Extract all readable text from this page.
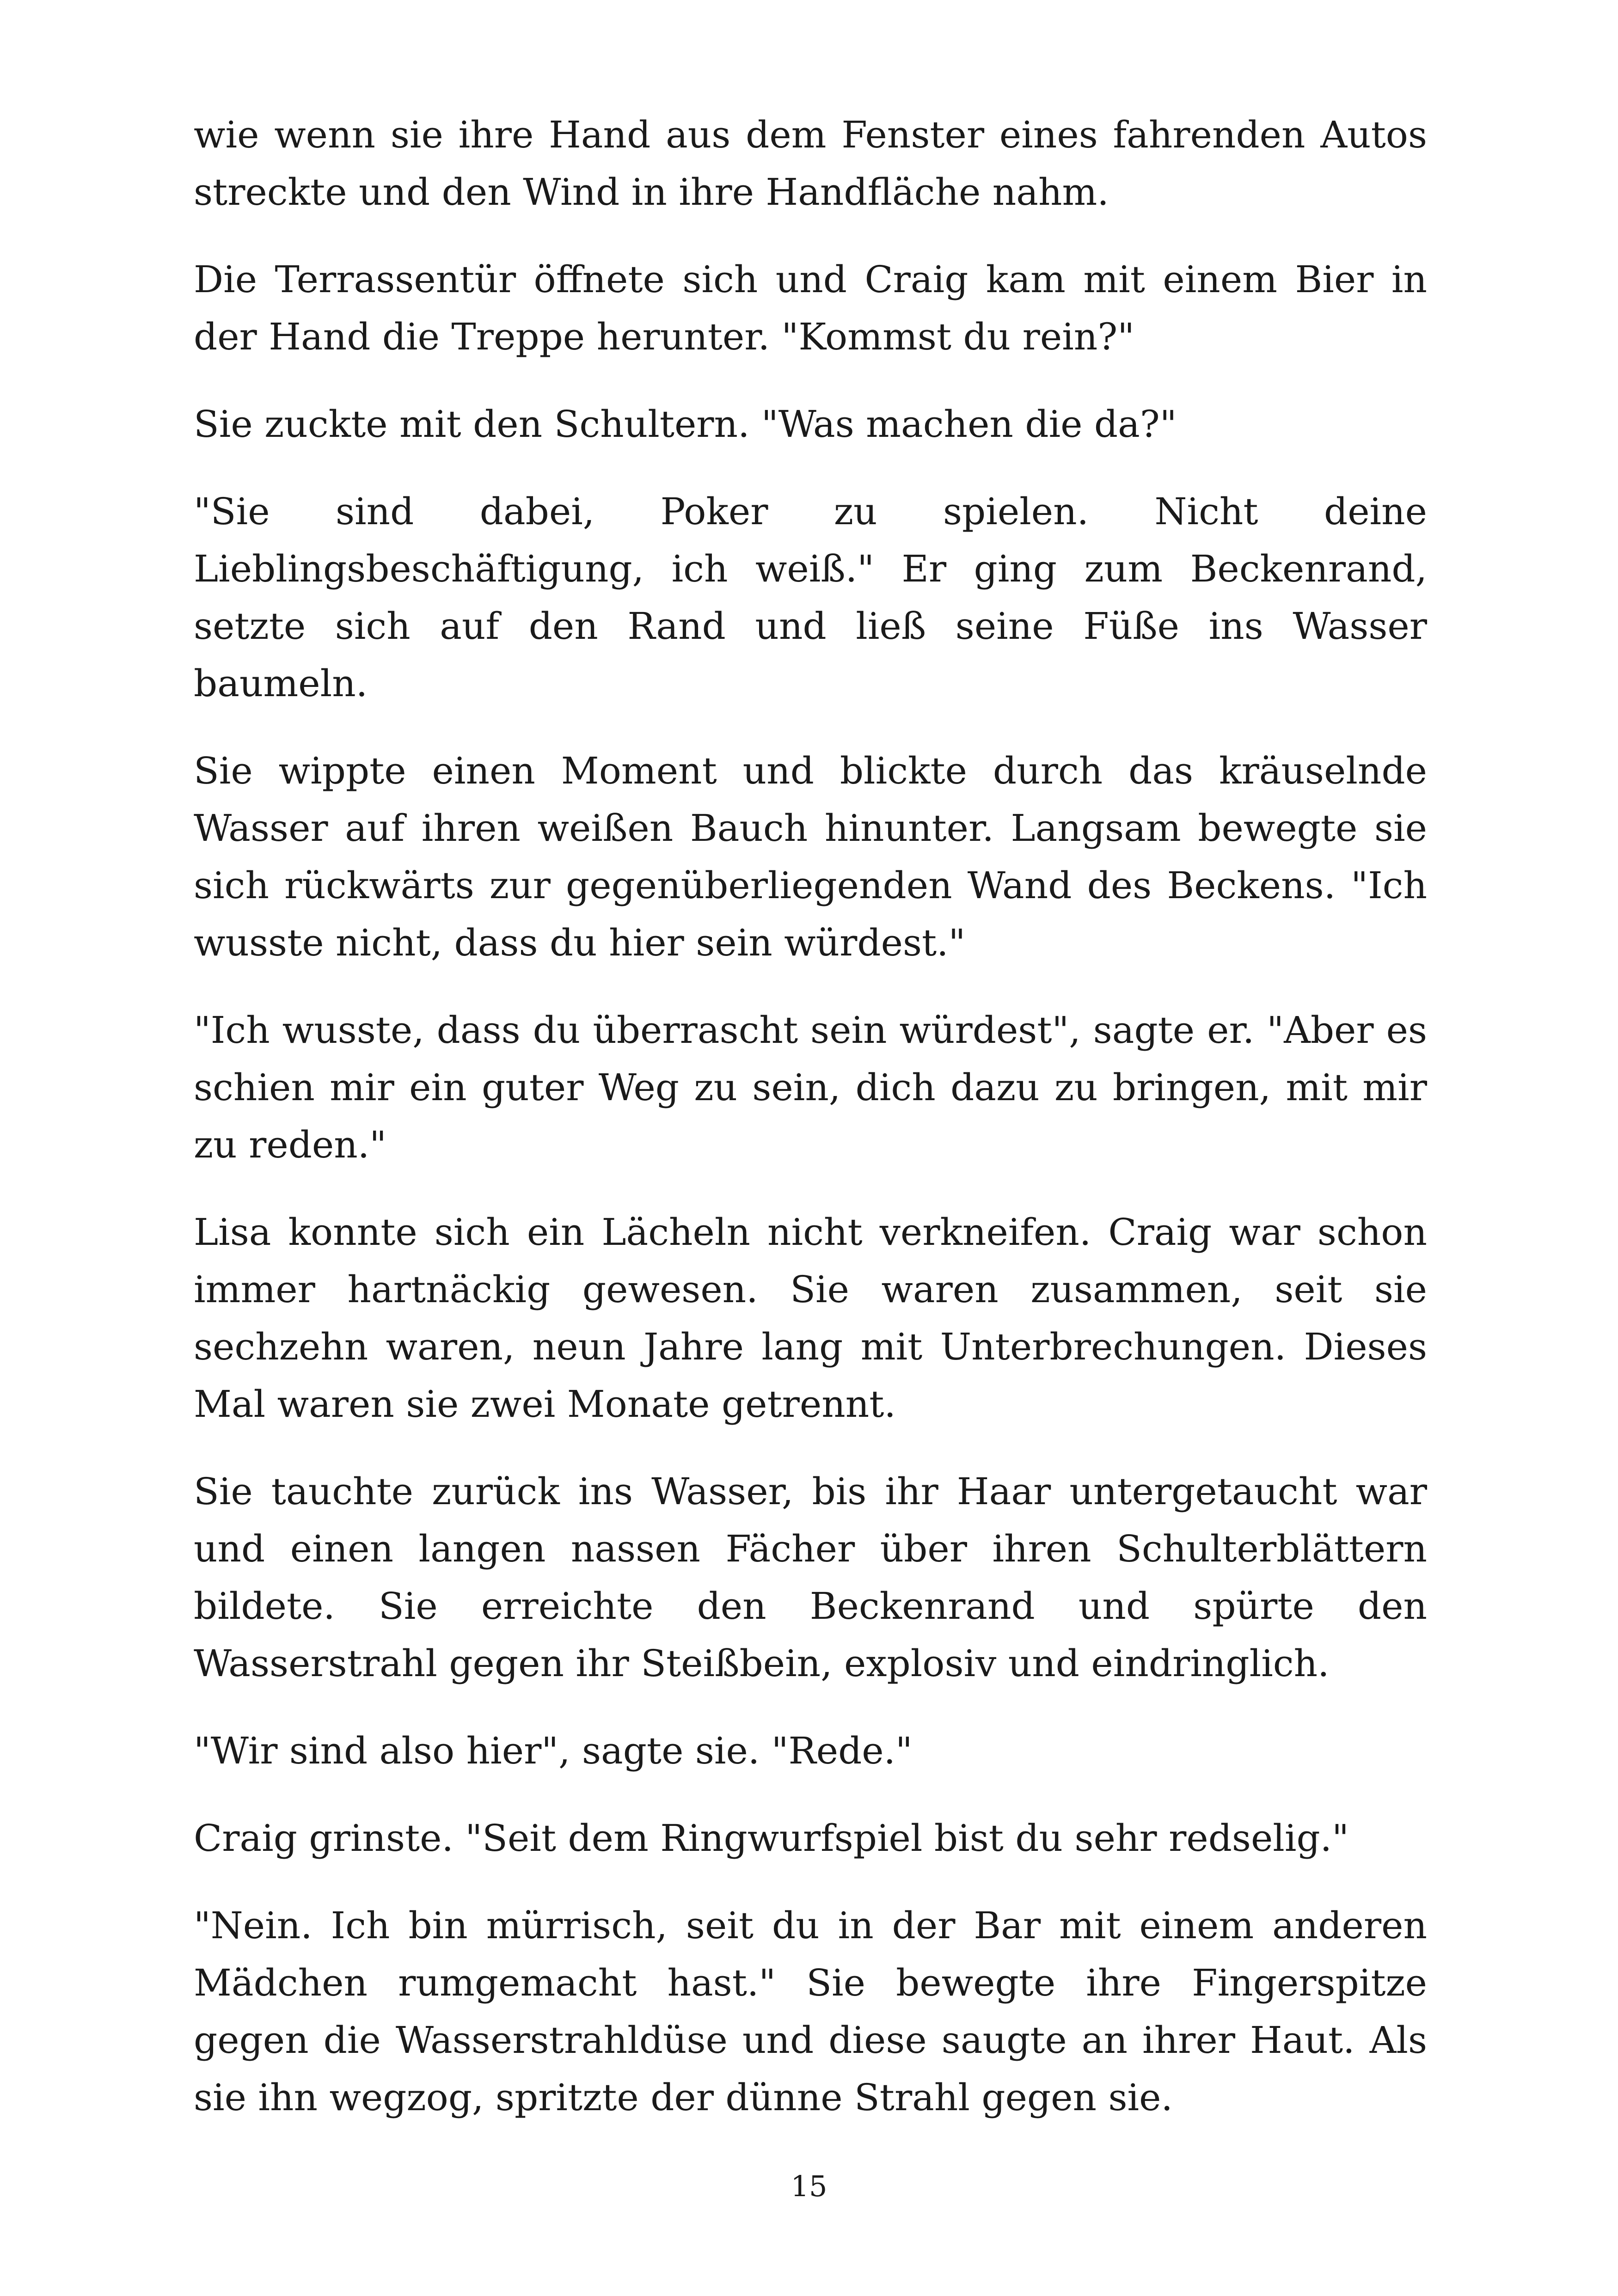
wie wenn sie ihre Hand aus dem Fenster eines fahrenden Autos streckte und den Wind in ihre Handfläche nahm.

Die Terrassentür öffnete sich und Craig kam mit einem Bier in der Hand die Treppe herunter. "Kommst du rein?"

Sie zuckte mit den Schultern. "Was machen die da?"

"Sie sind dabei, Poker zu spielen. Nicht deine Lieblingsbeschäftigung, ich weiß." Er ging zum Beckenrand, setzte sich auf den Rand und ließ seine Füße ins Wasser baumeln.

Sie wippte einen Moment und blickte durch das kräuselnde Wasser auf ihren weißen Bauch hinunter. Langsam bewegte sie sich rückwärts zur gegenüberliegenden Wand des Beckens. "Ich wusste nicht, dass du hier sein würdest."

"Ich wusste, dass du überrascht sein würdest", sagte er. "Aber es schien mir ein guter Weg zu sein, dich dazu zu bringen, mit mir zu reden."

Lisa konnte sich ein Lächeln nicht verkneifen. Craig war schon immer hartnäckig gewesen. Sie waren zusammen, seit sie sechzehn waren, neun Jahre lang mit Unterbrechungen. Dieses Mal waren sie zwei Monate getrennt.

Sie tauchte zurück ins Wasser, bis ihr Haar untergetaucht war und einen langen nassen Fächer über ihren Schulterblättern bildete. Sie erreichte den Beckenrand und spürte den Wasserstrahl gegen ihr Steißbein, explosiv und eindringlich.

"Wir sind also hier", sagte sie. "Rede."

Craig grinste. "Seit dem Ringwurfspiel bist du sehr redselig."

"Nein. Ich bin mürrisch, seit du in der Bar mit einem anderen Mädchen rumgemacht hast." Sie bewegte ihre Fingerspitze gegen die Wasserstrahldüse und diese saugte an ihrer Haut. Als sie ihn wegzog, spritzte der dünne Strahl gegen sie.

15
